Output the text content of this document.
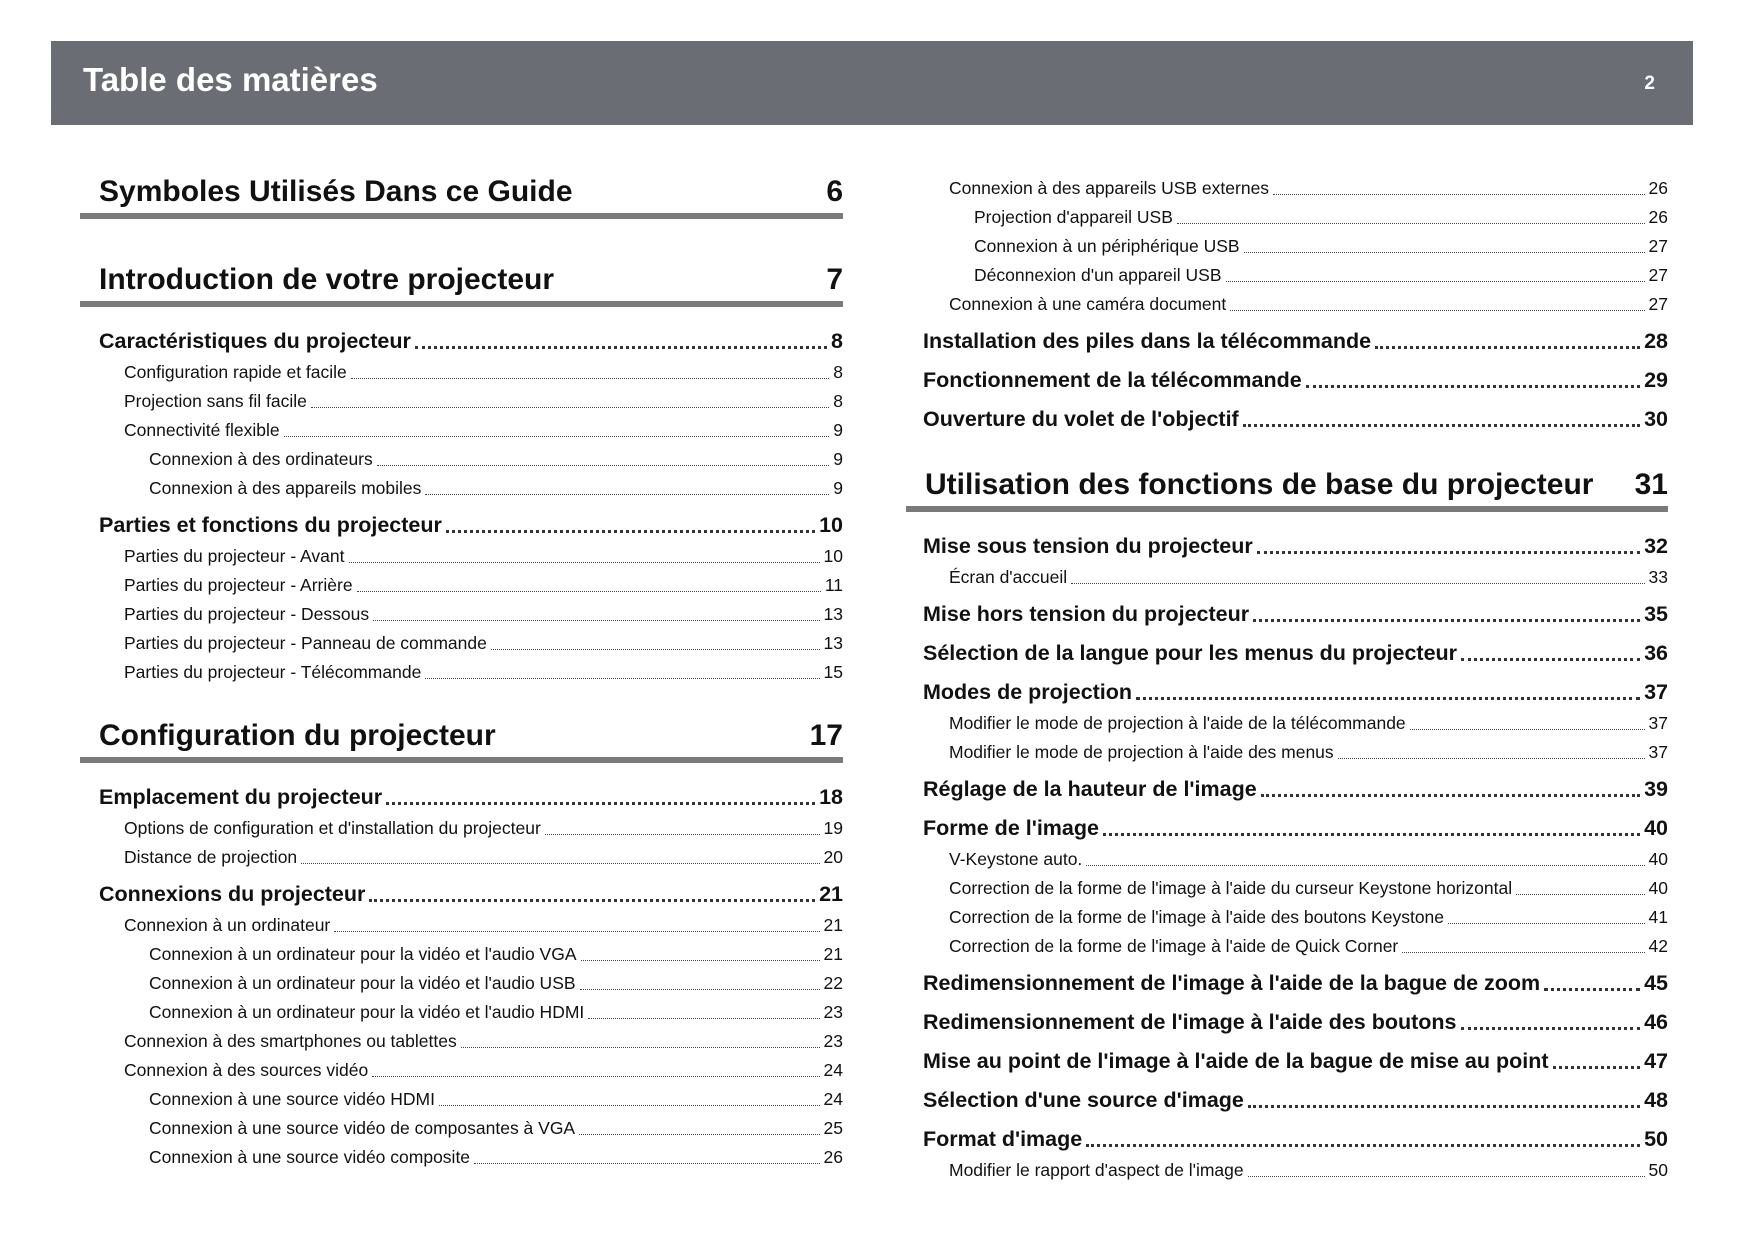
Table des matières	2
Symboles Utilisés Dans ce Guide	6
Introduction de votre projecteur	7
Caractéristiques du projecteur	8
Configuration rapide et facile	8
Projection sans fil facile	8
Connectivité flexible	9
Connexion à des ordinateurs	9
Connexion à des appareils mobiles	9
Parties et fonctions du projecteur	10
Parties du projecteur - Avant	10
Parties du projecteur - Arrière	11
Parties du projecteur - Dessous	13
Parties du projecteur - Panneau de commande	13
Parties du projecteur - Télécommande	15
Configuration du projecteur	17
Emplacement du projecteur	18
Options de configuration et d'installation du projecteur	19
Distance de projection	20
Connexions du projecteur	21
Connexion à un ordinateur	21
Connexion à un ordinateur pour la vidéo et l'audio VGA	21
Connexion à un ordinateur pour la vidéo et l'audio USB	22
Connexion à un ordinateur pour la vidéo et l'audio HDMI	23
Connexion à des smartphones ou tablettes	23
Connexion à des sources vidéo	24
Connexion à une source vidéo HDMI	24
Connexion à une source vidéo de composantes à VGA	25
Connexion à une source vidéo composite	26
Connexion à des appareils USB externes	26
Projection d'appareil USB	26
Connexion à un périphérique USB	27
Déconnexion d'un appareil USB	27
Connexion à une caméra document	27
Installation des piles dans la télécommande	28
Fonctionnement de la télécommande	29
Ouverture du volet de l'objectif	30
Utilisation des fonctions de base du projecteur 31
Mise sous tension du projecteur	32
Écran d'accueil	33
Mise hors tension du projecteur	35
Sélection de la langue pour les menus du projecteur	36
Modes de projection	37
Modifier le mode de projection à l'aide de la télécommande	37
Modifier le mode de projection à l'aide des menus	37
Réglage de la hauteur de l'image	39
Forme de l'image	40
V-Keystone auto.	40
Correction de la forme de l'image à l'aide du curseur Keystone horizontal	40
Correction de la forme de l'image à l'aide des boutons Keystone	41
Correction de la forme de l'image à l'aide de Quick Corner	42
Redimensionnement de l'image à l'aide de la bague de zoom	45
Redimensionnement de l'image à l'aide des boutons	46
Mise au point de l'image à l'aide de la bague de mise au point	47
Sélection d'une source d'image	48
Format d'image	50
Modifier le rapport d'aspect de l'image	50
